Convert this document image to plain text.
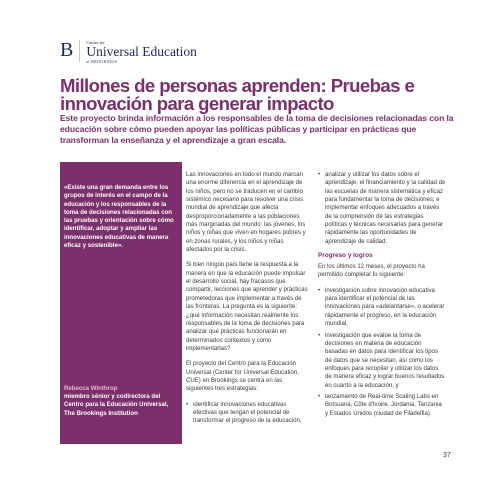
B	Center for
Universal Education
at BROOKINGS
Millones de personas aprenden: Pruebas e innovación para generar impacto

Este proyecto brinda información a los responsables de la toma de decisiones relacionadas con la educación sobre cómo pueden apoyar las políticas públicas y participar en prácticas que transforman la enseñanza y el aprendizaje a gran escala.

«Existe una gran demanda entre los grupos de interés en el campo de la educación y los responsables de la toma de decisiones relacionadas con las pruebas y orientación sobre cómo identificar, adoptar y ampliar las innovaciones educativas de manera eficaz y sostenible».

Rebecca Winthrop
miembro sénior y codirectora del Centro para la Educación Universal, The Brookings Institution

Las innovaciones en todo el mundo marcan una enorme diferencia en el aprendizaje de los niños, pero no se traducen en el cambio sistémico necesario para resolver una crisis mundial de aprendizaje que afecta desproporcionadamente a las poblaciones más marginadas del mundo: las jóvenes, los niños y niñas que viven en hogares pobres y en zonas rurales, y los niños y niñas afectados por la crisis.

Si bien ningún país tiene la respuesta a la manera en que la educación puede impulsar el desarrollo social, hay fracasos que compartir, lecciones que aprender y prácticas prometedoras que implementar a través de las fronteras. La pregunta es la siguiente: ¿qué información necesitan realmente los responsables de la toma de decisiones para analizar qué prácticas funcionarán en determinados contextos y cómo implementarlas?

El proyecto del Centro para la Educación Universal (Center for Universal Education, CUE) en Brookings se centra en las siguientes tres estrategias:

• identificar innovaciones educativas efectivas que tengan el potencial de transformar el progreso de la educación,
• analizar y utilizar los datos sobre el aprendizaje, el financiamiento y la calidad de las escuelas de manera sistemática y eficaz para fundamentar la toma de decisiones; e implementar enfoques adecuados a través de la comprensión de las estrategias políticas y técnicas necesarias para generar rápidamente las oportunidades de aprendizaje de calidad.
Progreso y logros

En los últimos 12 meses, el proyecto ha permitido completar lo siguiente:

• investigación sobre innovación educativa para identificar el potencial de las innovaciones para «adelantarse», o acelerar rápidamente el progreso, en la educación mundial;
• investigación que evalúe la toma de decisiones en materia de educación basadas en datos para identificar los tipos de datos que se necesitan, así como los enfoques para recopilar y utilizar los datos de manera eficaz y lograr buenos resultados en cuanto a la educación, y
• lanzamiento de Real-time Scaling Labs en Botsuana, Côte d'Ivoire, Jordania, Tanzania y Estados Unidos (ciudad de Filadelfia).
37
